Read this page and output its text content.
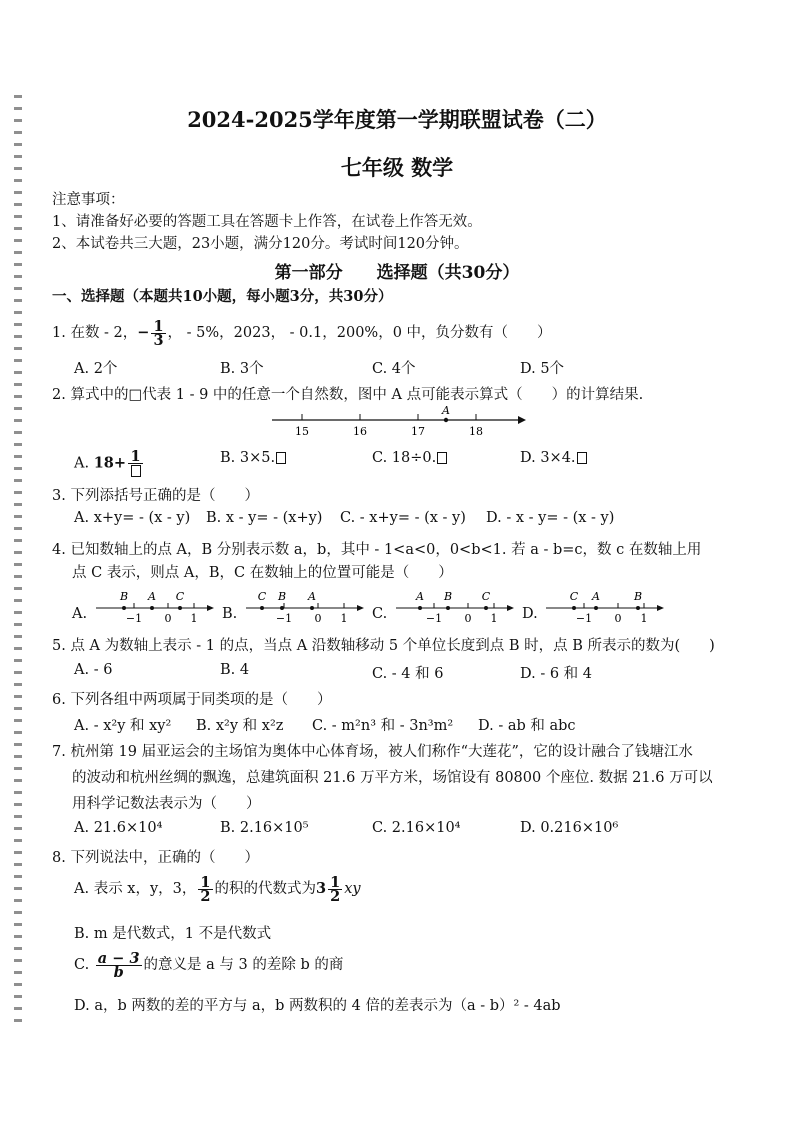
2024-2025学年度第一学期联盟试卷（二）
七年级 数学
注意事项：
1、请准备好必要的答题工具在答题卡上作答，在试卷上作答无效。
2、本试卷共三大题，23小题，满分120分。考试时间120分钟。
第一部分　　选择题（共30分）
一、选择题（本题共10小题，每小题3分，共30分）
1. 在数 - 2，− $\frac{1}{3}$ ， - 5%，2023， - 0.1，200%，0 中，负分数有（　　）
A. 2个	B. 3个	C. 4个	D. 5个
2. 算式中的□代表 1 - 9 中的任意一个自然数，图中 A 点可能表示算式（　　）的计算结果.
15	16	17	18
A
A. 18+ 1	B. 3×5.	C. 18÷0.	D. 3×4.
3. 下列添括号正确的是（　　）
A. x+y= - (x - y) B. x - y= - (x+y) C. - x+y= - (x - y) D. - x - y= - (x - y)
4. 已知数轴上的点 A，B 分别表示数 a，b，其中 - 1<a<0，0<b<1. 若 a - b=c，数 c 在数轴上用
点 C 表示，则点 A，B，C 在数轴上的位置可能是（　　）
A.	−1 0 1
B A C
B.	−1 0 1
C B A
C.	−1 0 1
A B	C
D.	−1 0 1
C A	B
5. 点 A 为数轴上表示 - 1 的点，当点 A 沿数轴移动 5 个单位长度到点 B 时，点 B 所表示的数为(　　)
A. - 6	B. 4	C. - 4 和 6	D. - 6 和 4
6. 下列各组中两项属于同类项的是（　　）
A. - x²y 和 xy² B. x²y 和 x²z C. - m²n³ 和 - 3n³m² D. - ab 和 abc
7. 杭州第 19 届亚运会的主场馆为奥体中心体育场，被人们称作“大莲花”，它的设计融合了钱塘江水
的波动和杭州丝绸的飘逸，总建筑面积 21.6 万平方米，场馆设有 80800 个座位. 数据 21.6 万可以
用科学记数法表示为（　　）
A. 21.6×10⁴	B. 2.16×10⁵	C. 2.16×10⁴	D. 0.216×10⁶
8. 下列说法中，正确的（　　）
A. 表示 x，y，3， $\frac{1}{2}$ 的积的代数式为$3 \frac{1}{2}$ xy
B. m 是代数式，1 不是代数式
C. $\frac{a - 3}{b}$ 的意义是 a 与 3 的差除 b 的商
D. a，b 两数的差的平方与 a，b 两数积的 4 倍的差表示为（a - b）² - 4ab
